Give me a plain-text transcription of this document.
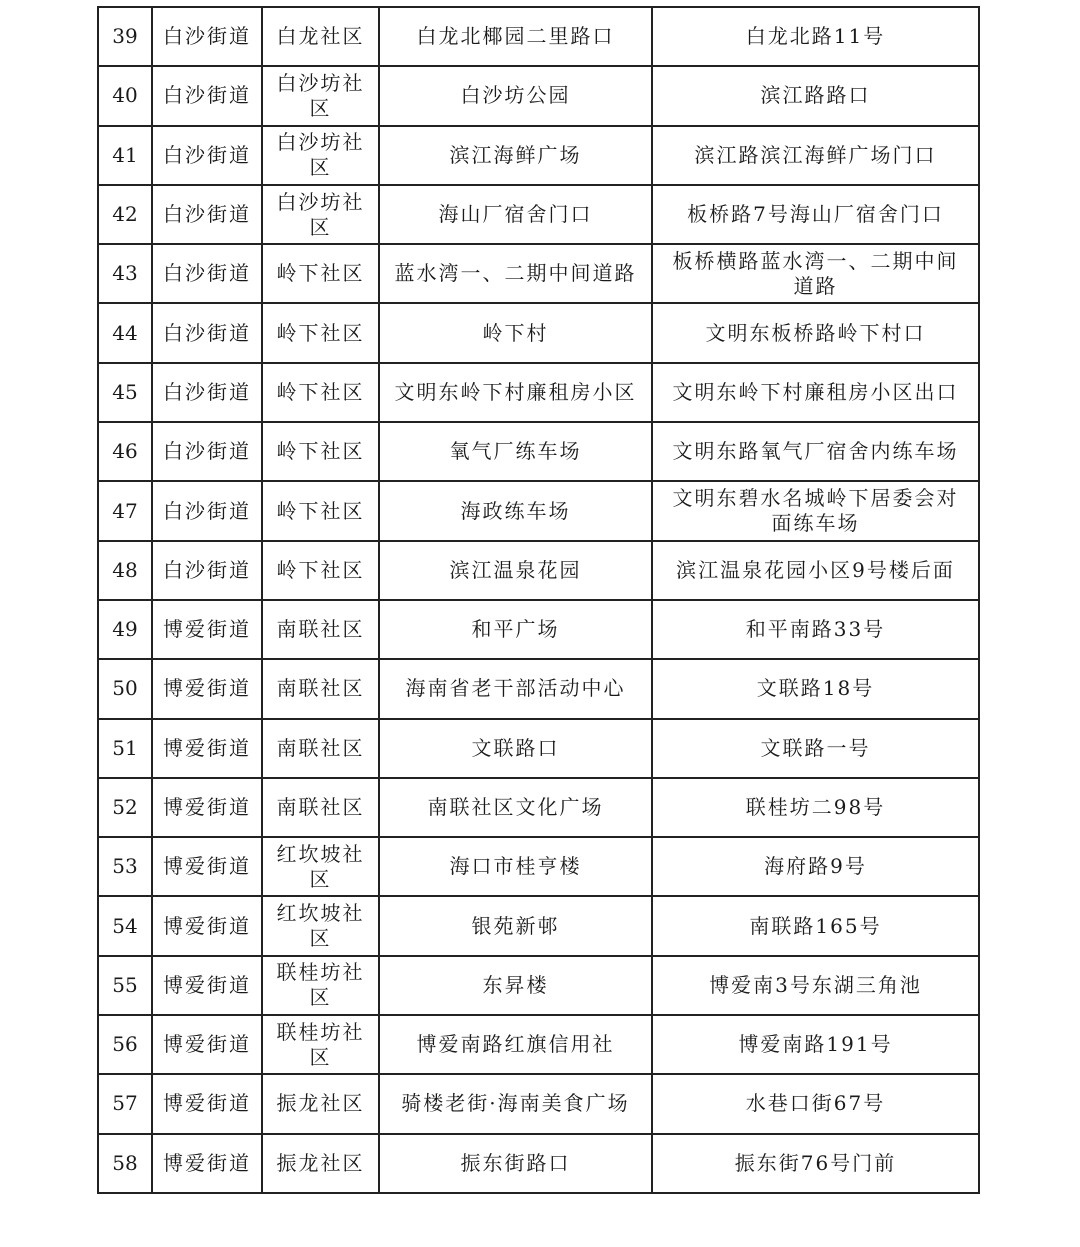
39	白沙街道	白龙社区	白龙北椰园二里路口	白龙北路11号
40	白沙街道	白沙坊社区	白沙坊公园	滨江路路口
41	白沙街道	白沙坊社区	滨江海鲜广场	滨江路滨江海鲜广场门口
42	白沙街道	白沙坊社区	海山厂宿舍门口	板桥路7号海山厂宿舍门口
43	白沙街道	岭下社区	蓝水湾一、二期中间道路	板桥横路蓝水湾一、二期中间道路
44	白沙街道	岭下社区	岭下村	文明东板桥路岭下村口
45	白沙街道	岭下社区	文明东岭下村廉租房小区	文明东岭下村廉租房小区出口
46	白沙街道	岭下社区	氧气厂练车场	文明东路氧气厂宿舍内练车场
47	白沙街道	岭下社区	海政练车场	文明东碧水名城岭下居委会对面练车场
48	白沙街道	岭下社区	滨江温泉花园	滨江温泉花园小区9号楼后面
49	博爱街道	南联社区	和平广场	和平南路33号
50	博爱街道	南联社区	海南省老干部活动中心	文联路18号
51	博爱街道	南联社区	文联路口	文联路一号
52	博爱街道	南联社区	南联社区文化广场	联桂坊二98号
53	博爱街道	红坎坡社区	海口市桂亨楼	海府路9号
54	博爱街道	红坎坡社区	银苑新邨	南联路165号
55	博爱街道	联桂坊社区	东昇楼	博爱南3号东湖三角池
56	博爱街道	联桂坊社区	博爱南路红旗信用社	博爱南路191号
57	博爱街道	振龙社区	骑楼老街·海南美食广场	水巷口街67号
58	博爱街道	振龙社区	振东街路口	振东街76号门前
